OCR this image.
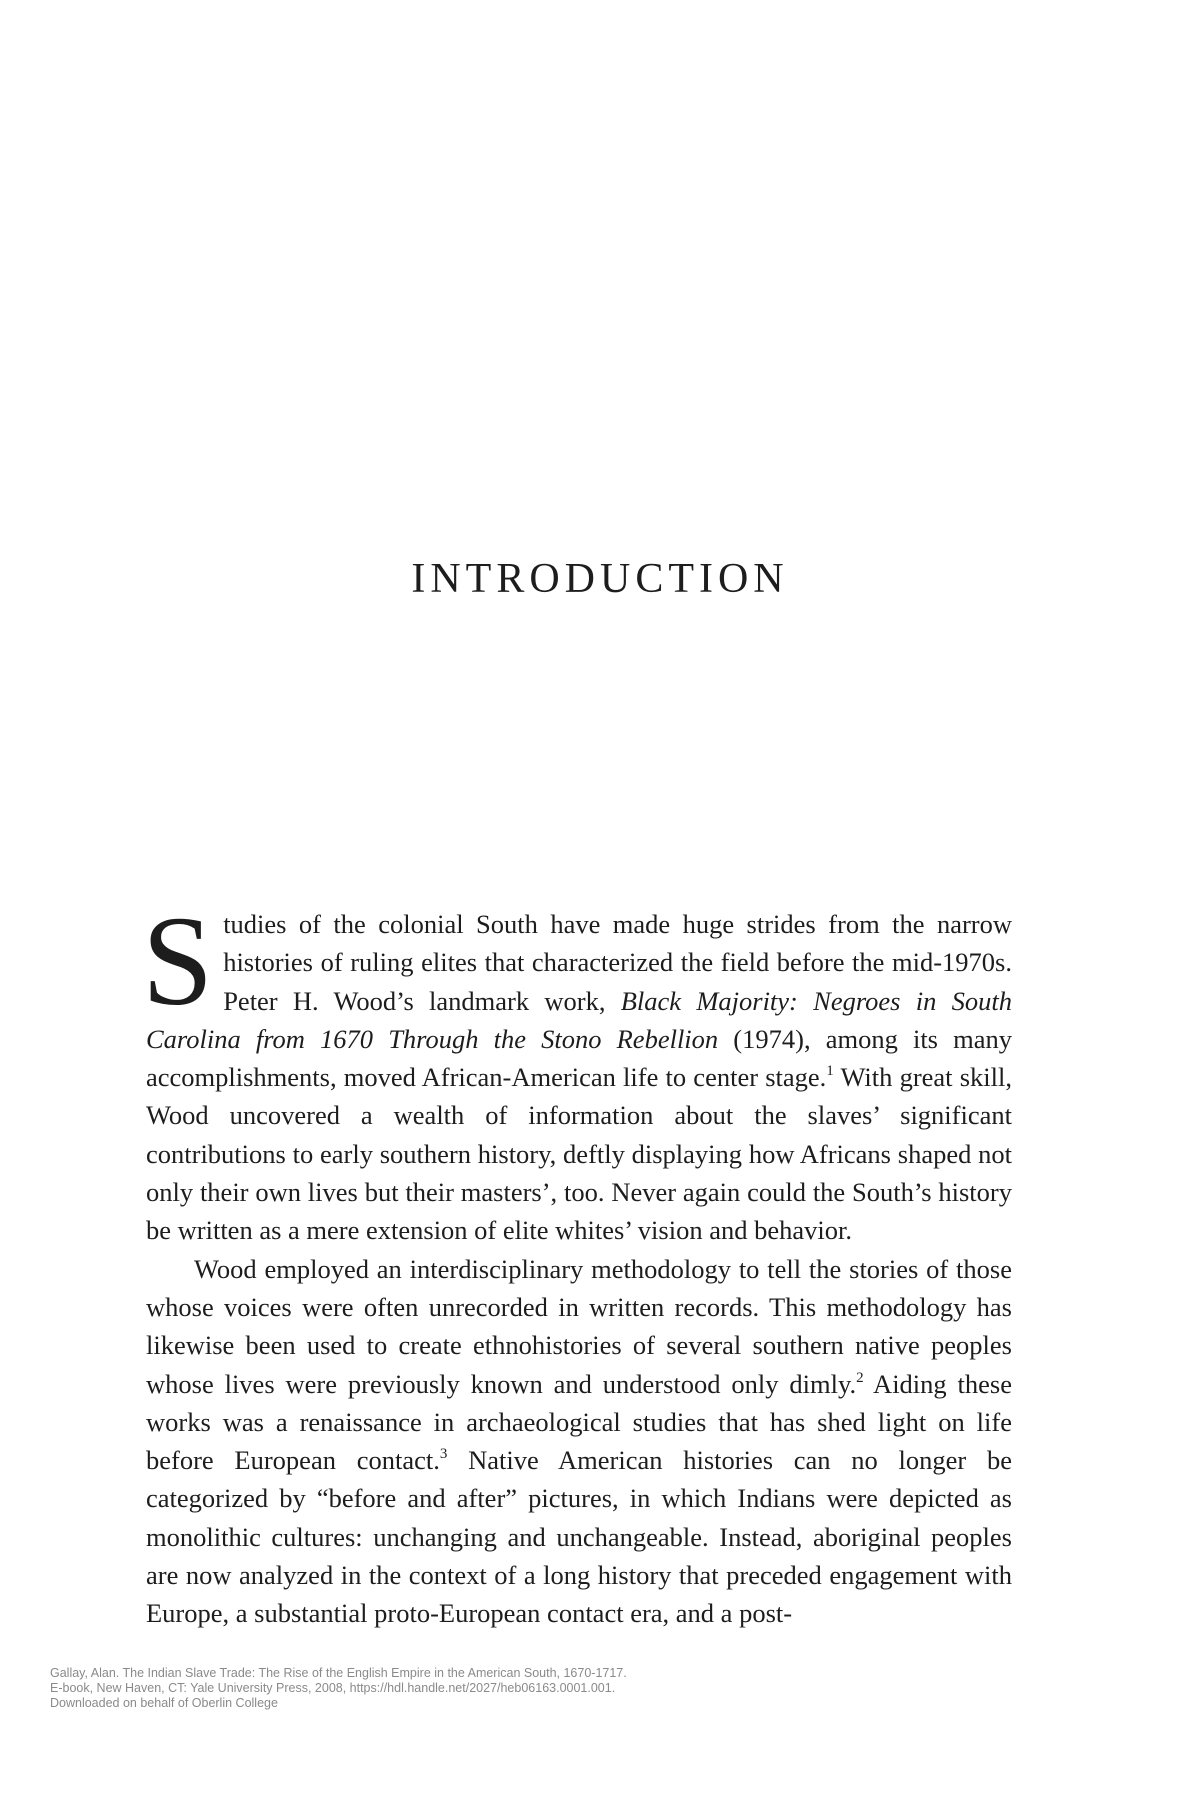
INTRODUCTION

Studies of the colonial South have made huge strides from the narrow histories of ruling elites that characterized the field before the mid-1970s. Peter H. Wood’s landmark work, Black Majority: Negroes in South Carolina from 1670 Through the Stono Rebellion (1974), among its many accomplishments, moved African-American life to center stage.$^1$ With great skill, Wood uncovered a wealth of information about the slaves’ significant contributions to early southern history, deftly displaying how Africans shaped not only their own lives but their masters’, too. Never again could the South’s history be written as a mere extension of elite whites’ vision and behavior.

Wood employed an interdisciplinary methodology to tell the stories of those whose voices were often unrecorded in written records. This methodology has likewise been used to create ethnohistories of several southern native peoples whose lives were previously known and understood only dimly.$^2$ Aiding these works was a renaissance in archaeological studies that has shed light on life before European contact.$^3$ Native American histories can no longer be categorized by “before and after” pictures, in which Indians were depicted as monolithic cultures: unchanging and unchangeable. Instead, aboriginal peoples are now analyzed in the context of a long history that preceded engagement with Europe, a substantial proto-European contact era, and a post-

Gallay, Alan. The Indian Slave Trade: The Rise of the English Empire in the American South, 1670-1717.
E-book, New Haven, CT: Yale University Press, 2008, https://hdl.handle.net/2027/heb06163.0001.001.
Downloaded on behalf of Oberlin College
